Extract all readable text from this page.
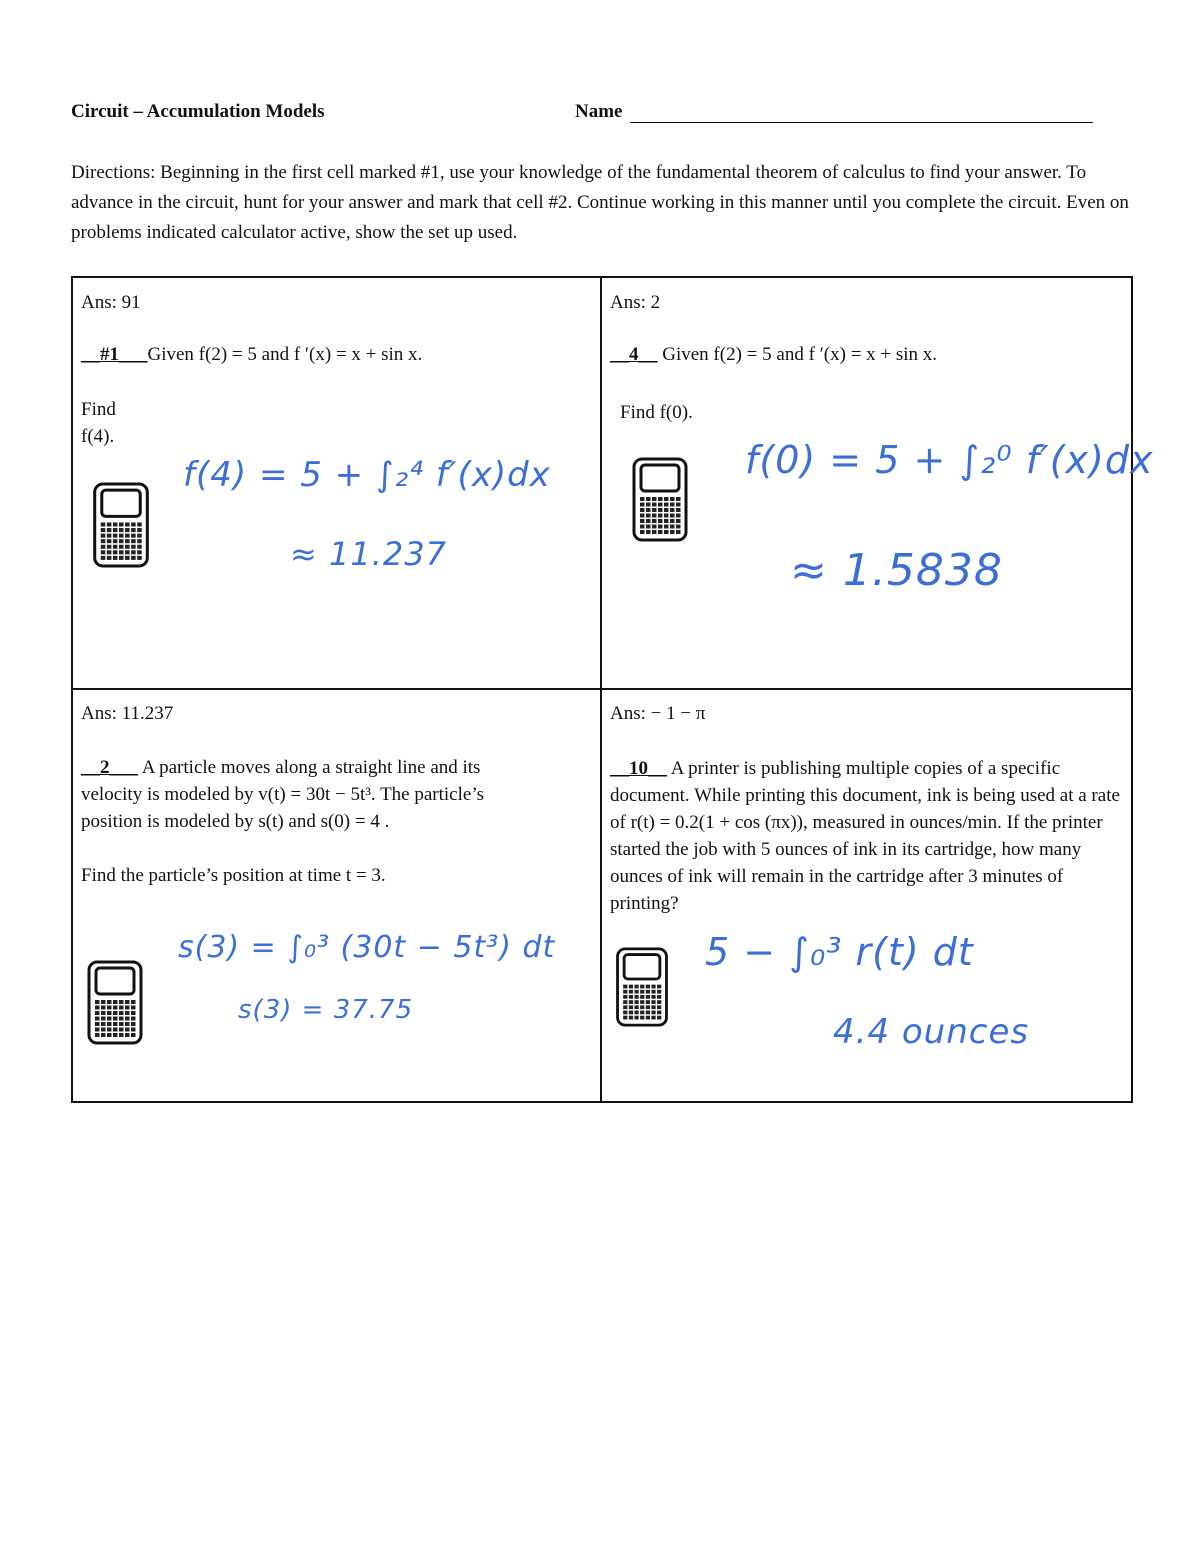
Circuit – Accumulation Models	Name
Directions: Beginning in the first cell marked #1, use your knowledge of the fundamental theorem of calculus to find your answer. To advance in the circuit, hunt for your answer and mark that cell #2. Continue working in this manner until you complete the circuit. Even on problems indicated calculator active, show the set up used.
Ans: 91
__#1___Given f(2) = 5 and f ′(x) = x + sin x.
Find
f(4).
f(4) = 5 + ∫₂⁴ f′(x)dx
≈ 11.237
Ans: 2
__4__ Given f(2) = 5 and f ′(x) = x + sin x.
Find f(0).
f(0) = 5 + ∫₂⁰ f′(x)dx
≈ 1.5838
Ans: 11.237
__2___ A particle moves along a straight line and its
velocity is modeled by v(t) = 30t − 5t³. The particle’s
position is modeled by s(t) and s(0) = 4 .
Find the particle’s position at time t = 3.
s(3) = ∫₀³ (30t − 5t³) dt
s(3) = 37.75
Ans: − 1 − π
__10__ A printer is publishing multiple copies of a specific document. While printing this document, ink is being used at a rate of r(t) = 0.2(1 + cos (πx)), measured in ounces/min. If the printer started the job with 5 ounces of ink in its cartridge, how many ounces of ink will remain in the cartridge after 3 minutes of printing?
5 − ∫₀³ r(t) dt
4.4 ounces
